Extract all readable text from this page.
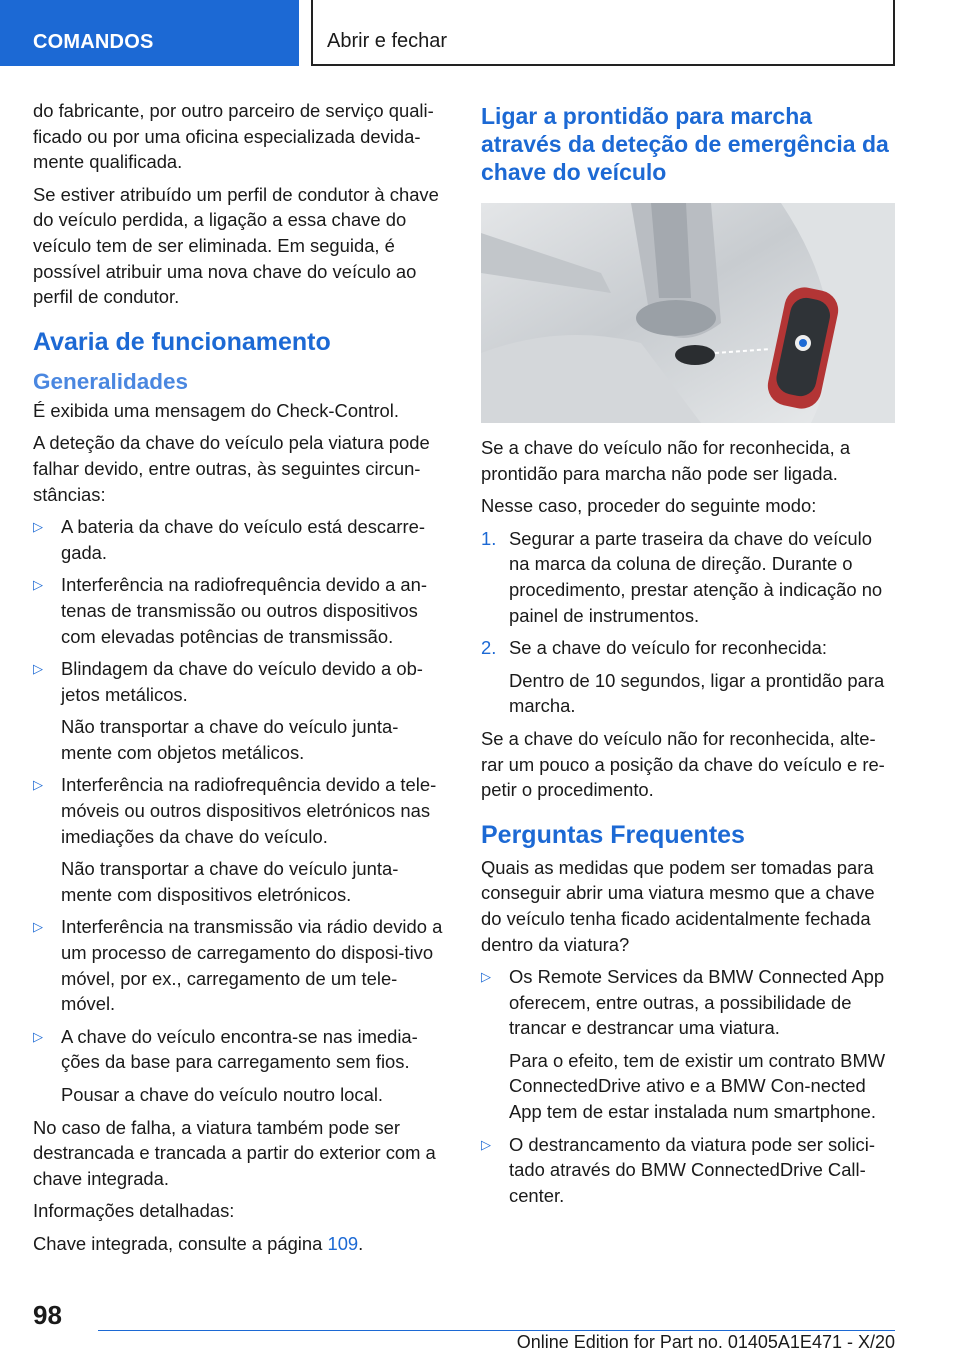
COMANDOS	Abrir e fechar

do fabricante, por outro parceiro de serviço quali-ficado ou por uma oficina especializada devida-mente qualificada.

Se estiver atribuído um perfil de condutor à chave do veículo perdida, a ligação a essa chave do veículo tem de ser eliminada. Em seguida, é possível atribuir uma nova chave do veículo ao perfil de condutor.

Avaria de funcionamento
Generalidades

É exibida uma mensagem do Check-Control.

A deteção da chave do veículo pela viatura pode falhar devido, entre outras, às seguintes circun-stâncias:

▷ A bateria da chave do veículo está descarre-gada.
▷ Interferência na radiofrequência devido a an-tenas de transmissão ou outros dispositivos com elevadas potências de transmissão.
▷ Blindagem da chave do veículo devido a ob-jetos metálicos.

Não transportar a chave do veículo junta-mente com objetos metálicos.

▷ Interferência na radiofrequência devido a tele-móveis ou outros dispositivos eletrónicos nas imediações da chave do veículo.

Não transportar a chave do veículo junta-mente com dispositivos eletrónicos.

▷ Interferência na transmissão via rádio devido a um processo de carregamento do disposi-tivo móvel, por ex., carregamento de um tele-móvel.
▷ A chave do veículo encontra-se nas imedia-ções da base para carregamento sem fios.

Pousar a chave do veículo noutro local.

No caso de falha, a viatura também pode ser destrancada e trancada a partir do exterior com a chave integrada.

Informações detalhadas:

Chave integrada, consulte a página 109.

Ligar a prontidão para marcha através da deteção de emergência da chave do veículo

Se a chave do veículo não for reconhecida, a prontidão para marcha não pode ser ligada.

Nesse caso, proceder do seguinte modo:

1. Segurar a parte traseira da chave do veículo na marca da coluna de direção. Durante o procedimento, prestar atenção à indicação no painel de instrumentos.
2. Se a chave do veículo for reconhecida:

Dentro de 10 segundos, ligar a prontidão para marcha.

Se a chave do veículo não for reconhecida, alte-rar um pouco a posição da chave do veículo e re-petir o procedimento.

Perguntas Frequentes

Quais as medidas que podem ser tomadas para conseguir abrir uma viatura mesmo que a chave do veículo tenha ficado acidentalmente fechada dentro da viatura?

▷ Os Remote Services da BMW Connected App oferecem, entre outras, a possibilidade de trancar e destrancar uma viatura.

Para o efeito, tem de existir um contrato BMW ConnectedDrive ativo e a BMW Con-nected App tem de estar instalada num smartphone.

▷ O destrancamento da viatura pode ser solici-tado através do BMW ConnectedDrive Call-center.
98
Online Edition for Part no. 01405A1E471 - X/20
